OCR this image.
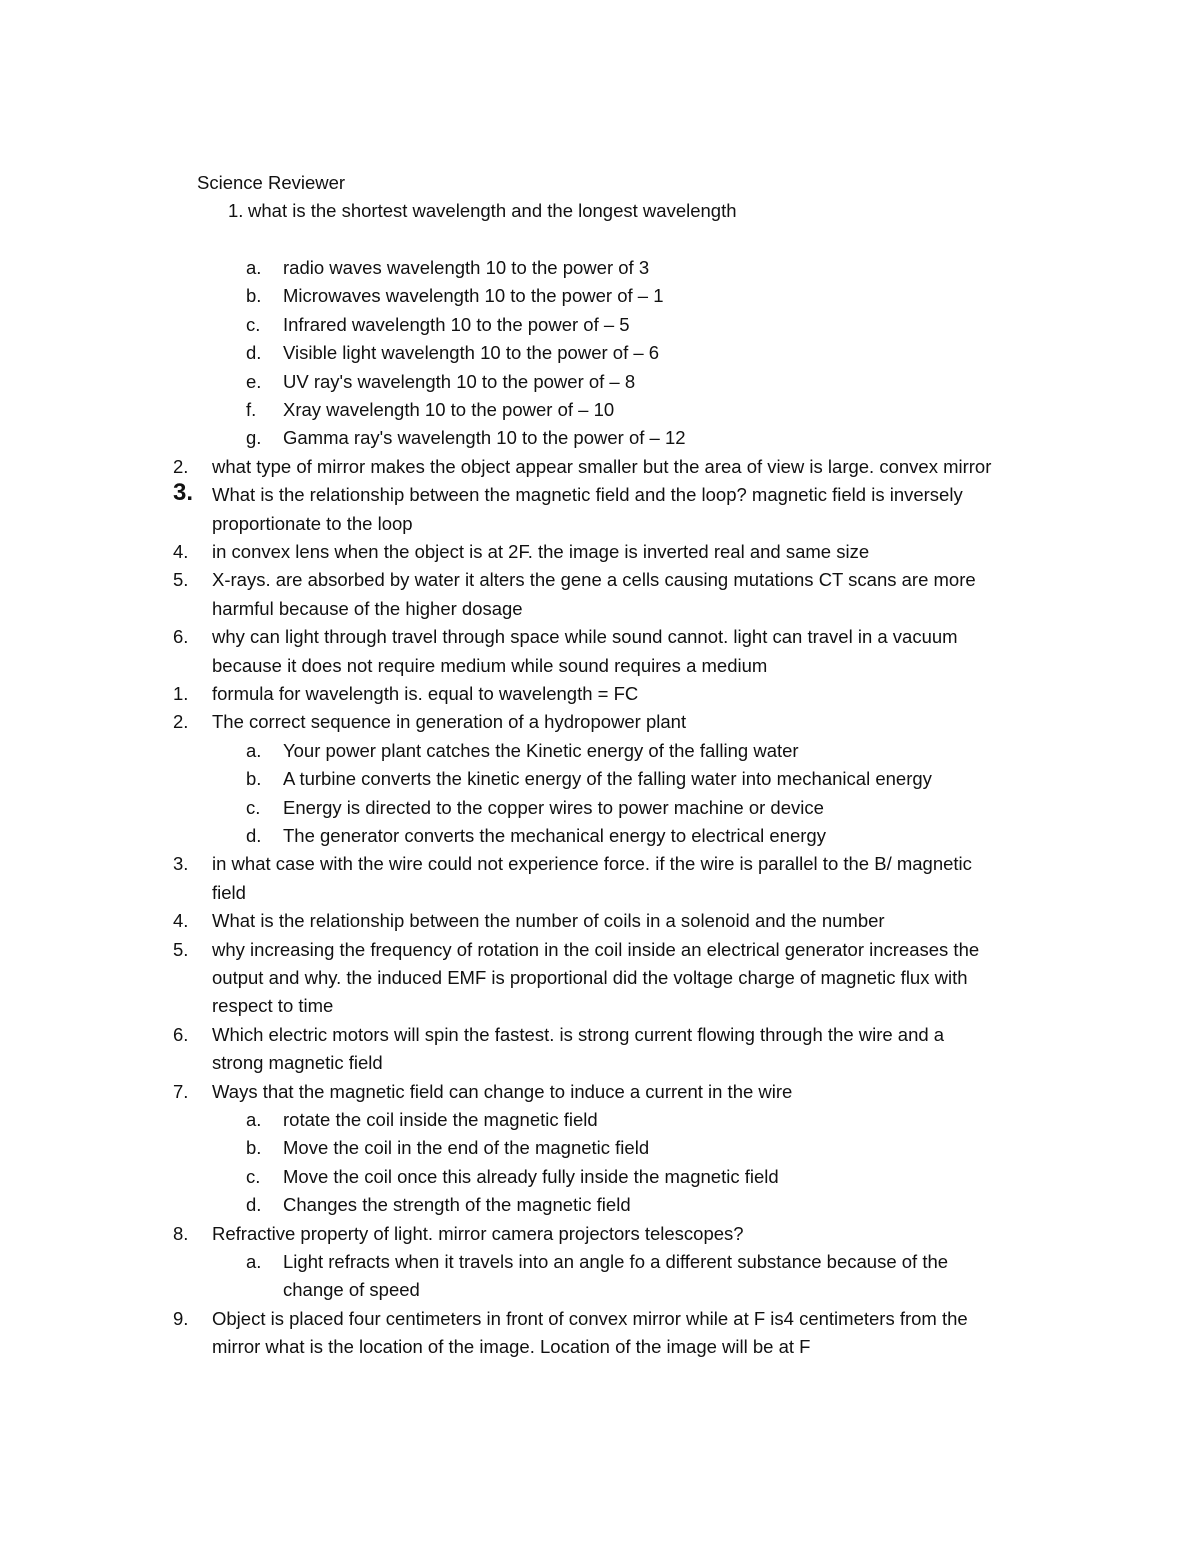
Science Reviewer
1. what is the shortest wavelength and the longest wavelength
a. radio waves wavelength 10 to the power of 3
b. Microwaves wavelength 10 to the power of – 1
c. Infrared wavelength 10 to the power of – 5
d. Visible light wavelength 10 to the power of – 6
e. UV ray's wavelength 10 to the power of – 8
f. Xray wavelength 10 to the power of – 10
g. Gamma ray's wavelength 10 to the power of – 12
2. what type of mirror makes the object appear smaller but the area of view is large. convex mirror
3. What is the relationship between the magnetic field and the loop? magnetic field is inversely
proportionate to the loop
4. in convex lens when the object is at 2F. the image is inverted real and same size
5. X-rays. are absorbed by water it alters the gene a cells causing mutations CT scans are more
harmful because of the higher dosage
6. why can light through travel through space while sound cannot. light can travel in a vacuum
because it does not require medium while sound requires a medium
1. formula for wavelength is. equal to wavelength = FC
2. The correct sequence in generation of a hydropower plant
a. Your power plant catches the Kinetic energy of the falling water
b. A turbine converts the kinetic energy of the falling water into mechanical energy
c. Energy is directed to the copper wires to power machine or device
d. The generator converts the mechanical energy to electrical energy
3. in what case with the wire could not experience force. if the wire is parallel to the B/ magnetic
field
4. What is the relationship between the number of coils in a solenoid and the number
5. why increasing the frequency of rotation in the coil inside an electrical generator increases the
output and why. the induced EMF is proportional did the voltage charge of magnetic flux with
respect to time
6. Which electric motors will spin the fastest. is strong current flowing through the wire and a
strong magnetic field
7. Ways that the magnetic field can change to induce a current in the wire
a. rotate the coil inside the magnetic field
b. Move the coil in the end of the magnetic field
c. Move the coil once this already fully inside the magnetic field
d. Changes the strength of the magnetic field
8. Refractive property of light. mirror camera projectors telescopes?
a. Light refracts when it travels into an angle fo a different substance because of the
change of speed
9. Object is placed four centimeters in front of convex mirror while at F is4 centimeters from the
mirror what is the location of the image. Location of the image will be at F
